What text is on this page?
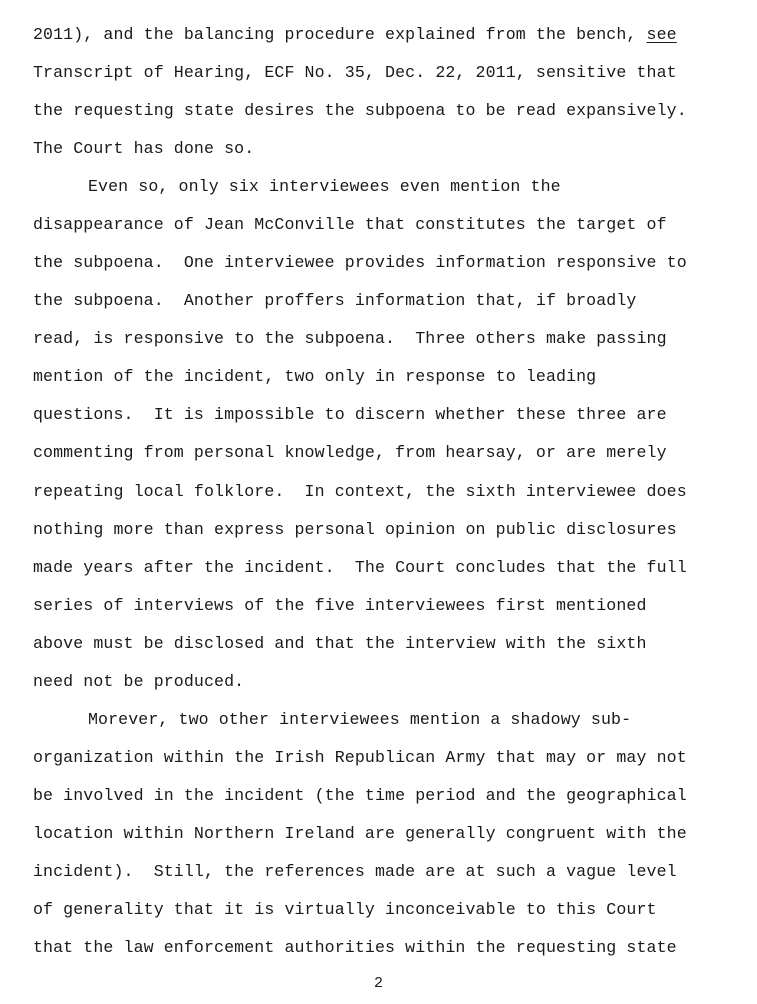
2011), and the balancing procedure explained from the bench, see
Transcript of Hearing, ECF No. 35, Dec. 22, 2011, sensitive that
the requesting state desires the subpoena to be read expansively.
The Court has done so.
Even so, only six interviewees even mention the
disappearance of Jean McConville that constitutes the target of
the subpoena.  One interviewee provides information responsive to
the subpoena.  Another proffers information that, if broadly
read, is responsive to the subpoena.  Three others make passing
mention of the incident, two only in response to leading
questions.  It is impossible to discern whether these three are
commenting from personal knowledge, from hearsay, or are merely
repeating local folklore.  In context, the sixth interviewee does
nothing more than express personal opinion on public disclosures
made years after the incident.  The Court concludes that the full
series of interviews of the five interviewees first mentioned
above must be disclosed and that the interview with the sixth
need not be produced.
Morever, two other interviewees mention a shadowy sub-
organization within the Irish Republican Army that may or may not
be involved in the incident (the time period and the geographical
location within Northern Ireland are generally congruent with the
incident).  Still, the references made are at such a vague level
of generality that it is virtually inconceivable to this Court
that the law enforcement authorities within the requesting state
2
